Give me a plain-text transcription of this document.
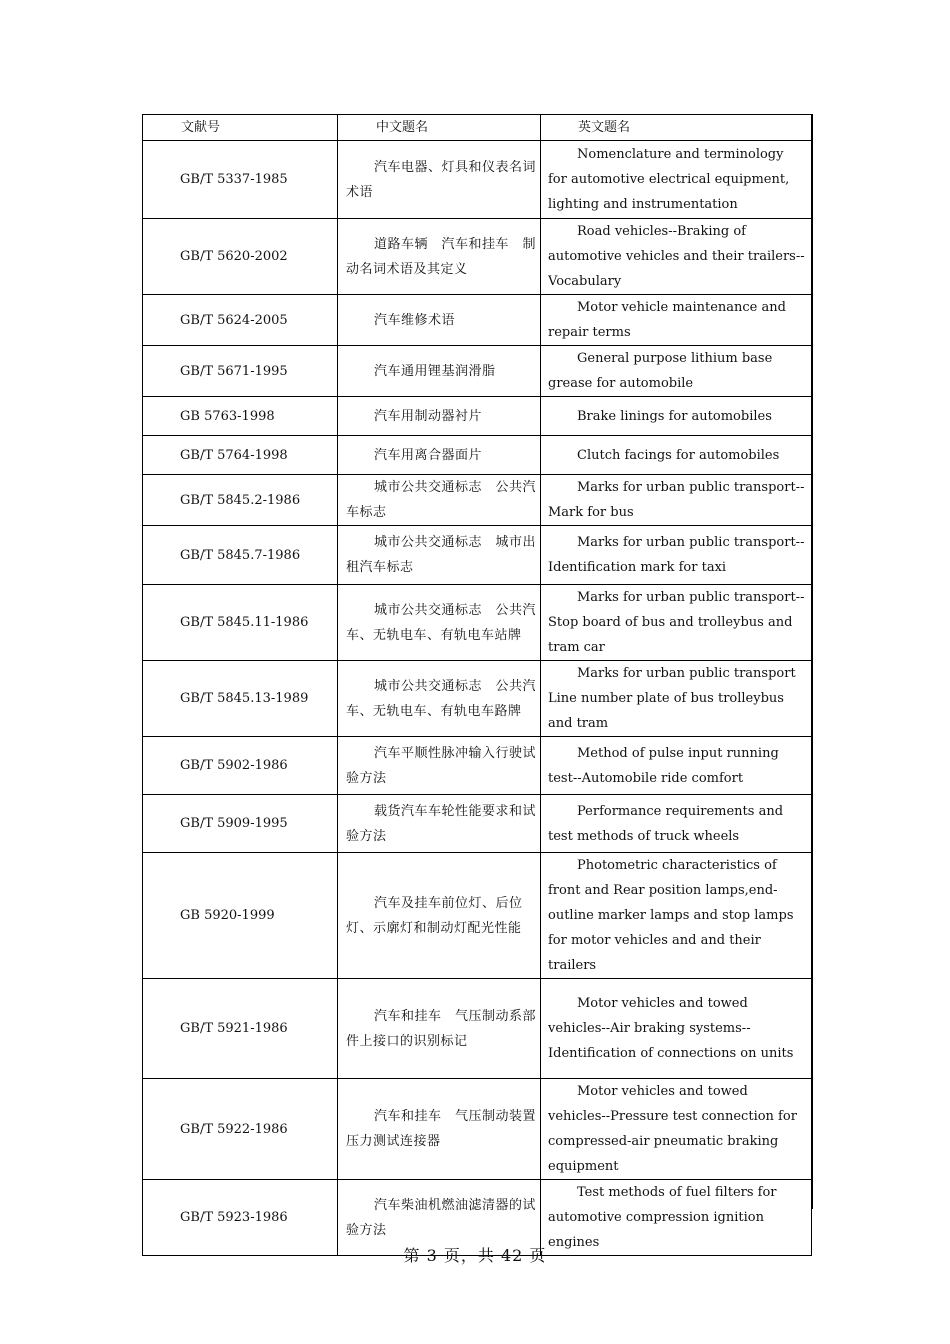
文献号	中文题名	英文题名
GB/T 5337-1985	汽车电器、灯具和仪表名词术语	Nomenclature and terminology for automotive electrical equipment, lighting and instrumentation
GB/T 5620-2002	道路车辆　汽车和挂车　制动名词术语及其定义	Road vehicles--Braking of automotive vehicles and their trailers--Vocabulary
GB/T 5624-2005	汽车维修术语	Motor vehicle maintenance and repair terms
GB/T 5671-1995	汽车通用锂基润滑脂	General purpose lithium base grease for automobile
GB 5763-1998	汽车用制动器衬片	Brake linings for automobiles
GB/T 5764-1998	汽车用离合器面片	Clutch facings for automobiles
GB/T 5845.2-1986	城市公共交通标志　公共汽车标志	Marks for urban public transport--Mark for bus
GB/T 5845.7-1986	城市公共交通标志　城市出租汽车标志	Marks for urban public transport--Identification mark for taxi
GB/T 5845.11-1986	城市公共交通标志　公共汽车、无轨电车、有轨电车站牌	Marks for urban public transport--Stop board of bus and trolleybus and tram car
GB/T 5845.13-1989	城市公共交通标志　公共汽车、无轨电车、有轨电车路牌	Marks for urban public transport Line number plate of bus trolleybus and tram
GB/T 5902-1986	汽车平顺性脉冲输入行驶试验方法	Method of pulse input running test--Automobile ride comfort
GB/T 5909-1995	载货汽车车轮性能要求和试验方法	Performance requirements and test methods of truck wheels
GB 5920-1999	汽车及挂车前位灯、后位灯、示廓灯和制动灯配光性能	Photometric characteristics of front and Rear position lamps,end-outline marker lamps and stop lamps for motor vehicles and and their trailers
GB/T 5921-1986	汽车和挂车　气压制动系部件上接口的识别标记	Motor vehicles and towed vehicles--Air braking systems--Identification of connections on units
GB/T 5922-1986	汽车和挂车　气压制动装置压力测试连接器	Motor vehicles and towed vehicles--Pressure test connection for compressed-air pneumatic braking equipment
GB/T 5923-1986	汽车柴油机燃油滤清器的试验方法	Test methods of fuel filters for automotive compression ignition engines
第 3 页，共 42 页
